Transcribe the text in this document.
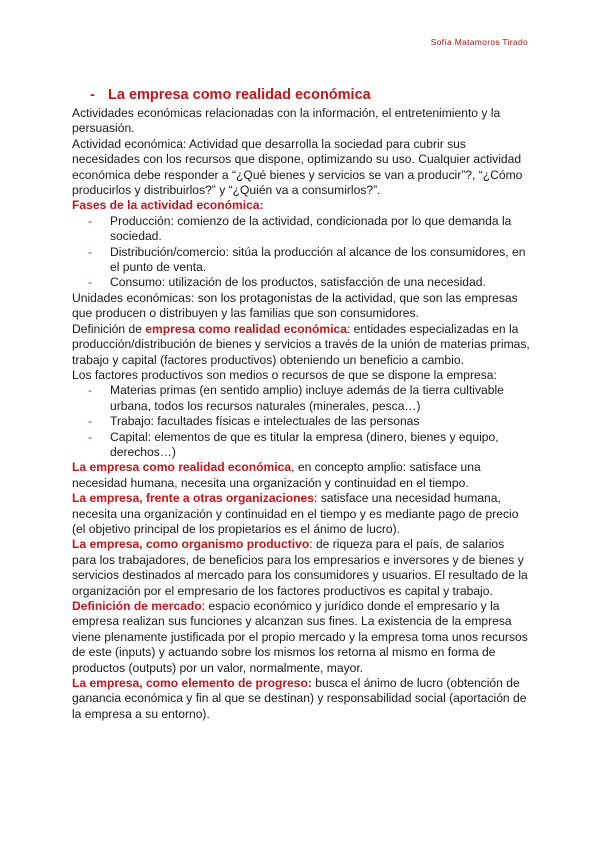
Sofía Matamoros Tirado
- La empresa como realidad económica

Actividades económicas relacionadas con la información, el entretenimiento y la persuasión.

Actividad económica: Actividad que desarrolla la sociedad para cubrir sus necesidades con los recursos que dispone, optimizando su uso. Cualquier actividad económica debe responder a “¿Qué bienes y servicios se van a producir”?, “¿Cómo producirlos y distribuirlos?” y “¿Quién va a consumirlos?”.

Fases de la actividad económica:

- Producción: comienzo de la actividad, condicionada por lo que demanda la sociedad.
- Distribución/comercio: sitúa la producción al alcance de los consumidores, en el punto de venta.
- Consumo: utilización de los productos, satisfacción de una necesidad.

Unidades económicas: son los protagonistas de la actividad, que son las empresas que producen o distribuyen y las familias que son consumidores.

Definición de empresa como realidad económica: entidades especializadas en la producción/distribución de bienes y servicios a través de la unión de materias primas, trabajo y capital (factores productivos) obteniendo un beneficio a cambio.

Los factores productivos son medios o recursos de que se dispone la empresa:

- Materias primas (en sentido amplio) incluye además de la tierra cultivable urbana, todos los recursos naturales (minerales, pesca…)
- Trabajo: facultades físicas e intelectuales de las personas
- Capital: elementos de que es titular la empresa (dinero, bienes y equipo, derechos…)

La empresa como realidad económica, en concepto amplio: satisface una necesidad humana, necesita una organización y continuidad en el tiempo.

La empresa, frente a otras organizaciones: satisface una necesidad humana, necesita una organización y continuidad en el tiempo y es mediante pago de precio (el objetivo principal de los propietarios es el ánimo de lucro).

La empresa, como organismo productivo: de riqueza para el país, de salarios para los trabajadores, de beneficios para los empresarios e inversores y de bienes y servicios destinados al mercado para los consumidores y usuarios. El resultado de la organización por el empresario de los factores productivos es capital y trabajo.

Definición de mercado: espacio económico y jurídico donde el empresario y la empresa realizan sus funciones y alcanzan sus fines. La existencia de la empresa viene plenamente justificada por el propio mercado y la empresa toma unos recursos de este (inputs) y actuando sobre los mismos los retorna al mismo en forma de productos (outputs) por un valor, normalmente, mayor.

La empresa, como elemento de progreso: busca el ánimo de lucro (obtención de ganancia económica y fin al que se destinan) y responsabilidad social (aportación de la empresa a su entorno).
